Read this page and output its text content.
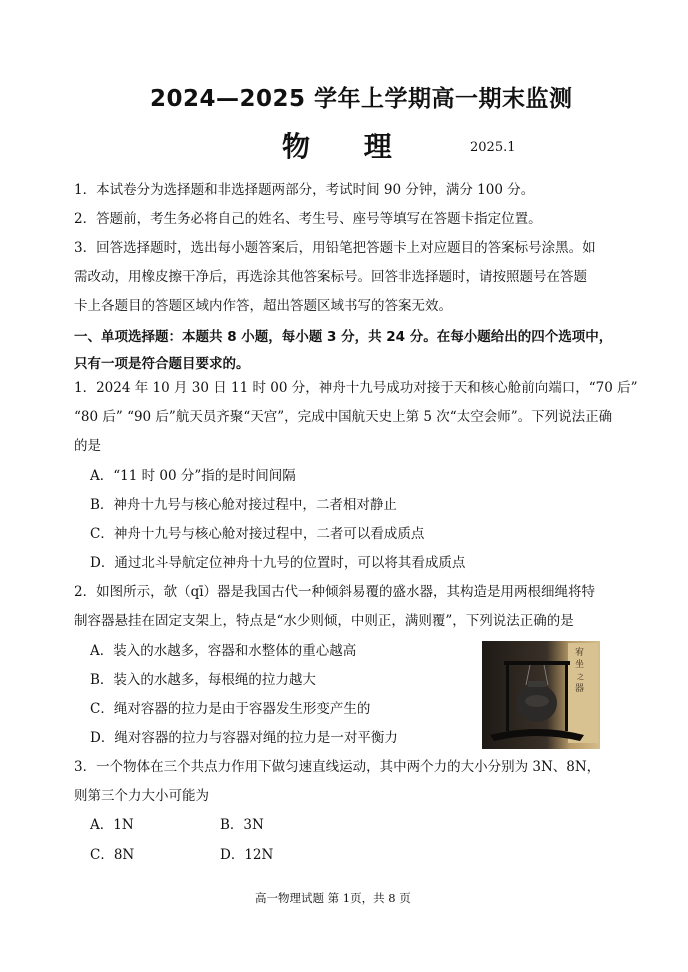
2024—2025 学年上学期高一期末监测
物 理	2025.1
1．本试卷分为选择题和非选择题两部分，考试时间 90 分钟，满分 100 分。
2．答题前，考生务必将自己的姓名、考生号、座号等填写在答题卡指定位置。
3．回答选择题时，选出每小题答案后，用铅笔把答题卡上对应题目的答案标号涂黑。如
需改动，用橡皮擦干净后，再选涂其他答案标号。回答非选择题时，请按照题号在答题
卡上各题目的答题区域内作答，超出答题区域书写的答案无效。
一、单项选择题：本题共 8 小题，每小题 3 分，共 24 分。在每小题给出的四个选项中，
只有一项是符合题目要求的。
1．2024 年 10 月 30 日 11 时 00 分，神舟十九号成功对接于天和核心舱前向端口，“70 后”
“80 后” “90 后”航天员齐聚“天宫”，完成中国航天史上第 5 次“太空会师”。下列说法正确
的是
A．“11 时 00 分”指的是时间间隔
B．神舟十九号与核心舱对接过程中，二者相对静止
C．神舟十九号与核心舱对接过程中，二者可以看成质点
D．通过北斗导航定位神舟十九号的位置时，可以将其看成质点
2．如图所示，欹（qī）器是我国古代一种倾斜易覆的盛水器，其构造是用两根细绳将特
制容器悬挂在固定支架上，特点是“水少则倾，中则正，满则覆”，下列说法正确的是
A．装入的水越多，容器和水整体的重心越高
B．装入的水越多，每根绳的拉力越大
C．绳对容器的拉力是由于容器发生形变产生的
D．绳对容器的拉力与容器对绳的拉力是一对平衡力
宥
坐
之
器
3．一个物体在三个共点力作用下做匀速直线运动，其中两个力的大小分别为 3N、8N，
则第三个力大小可能为
A．1N	B．3N
C．8N	D．12N
高一物理试题 第 1页，共 8 页
